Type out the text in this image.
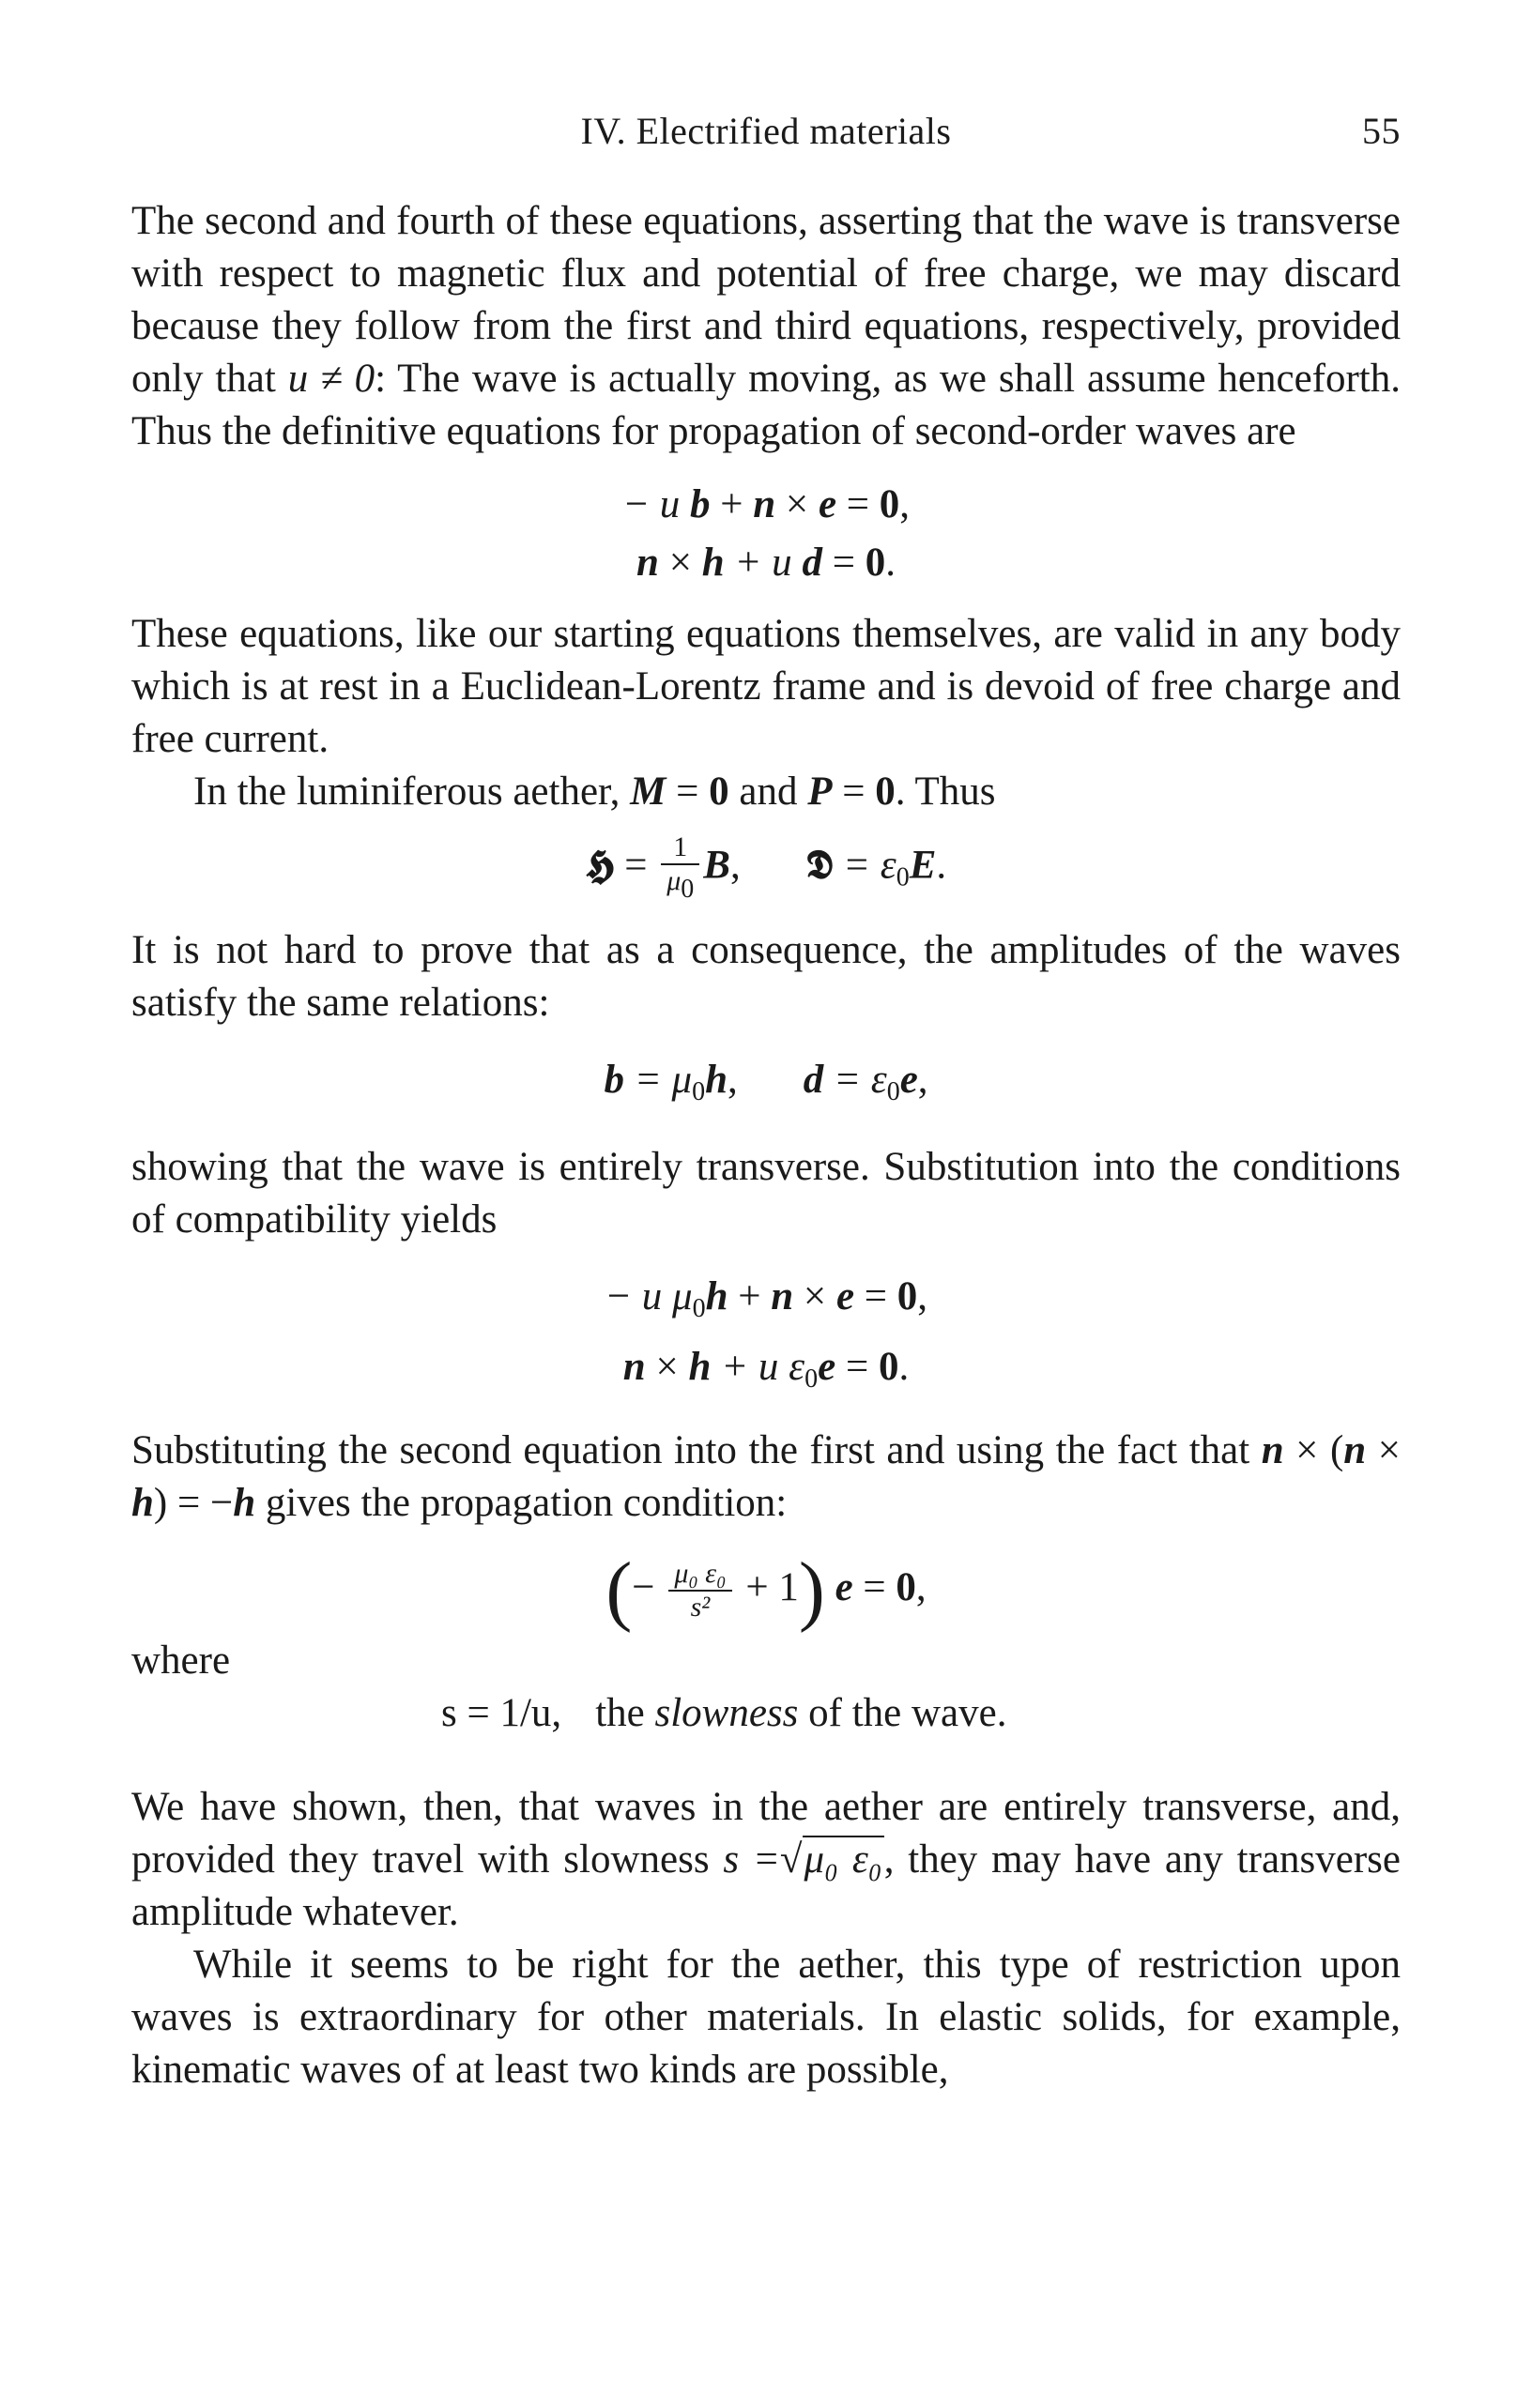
IV. Electrified materials	55

The second and fourth of these equations, asserting that the wave is transverse with respect to magnetic flux and potential of free charge, we may discard because they follow from the first and third equations, respectively, provided only that u ≠ 0: The wave is actually moving, as we shall assume henceforth. Thus the definitive equations for propagation of second-order waves are

− u b + n × e = 0,
n × h + u d = 0.

These equations, like our starting equations themselves, are valid in any body which is at rest in a Euclidean-Lorentz frame and is devoid of free charge and free current.

In the luminiferous aether, M = 0 and P = 0. Thus

𝕳 = $\frac{1}{\mu 0} B$, 𝕯 = $\varepsilon_0E$.

It is not hard to prove that as a consequence, the amplitudes of the waves satisfy the same relations:

$b = \mu_0h$, $d = \varepsilon_0e$,

showing that the wave is entirely transverse. Substitution into the conditions of compatibility yields

− u $\mu_0h + n \times e = 0$,
n × h + u $\varepsilon_0e = 0$.

Substituting the second equation into the first and using the fact that n × (n × h) = −h gives the propagation condition:

(− $\frac{\text{μ₀ ε₀}}{\text{s²}} + 1$) e = 0,
where
s = 1/u, the slowness of the wave.

We have shown, then, that waves in the aether are entirely transverse, and, provided they travel with slowness s =√μ₀ ε₀, they may have any transverse amplitude whatever.

While it seems to be right for the aether, this type of restriction upon waves is extraordinary for other materials. In elastic solids, for example, kinematic waves of at least two kinds are possible,
